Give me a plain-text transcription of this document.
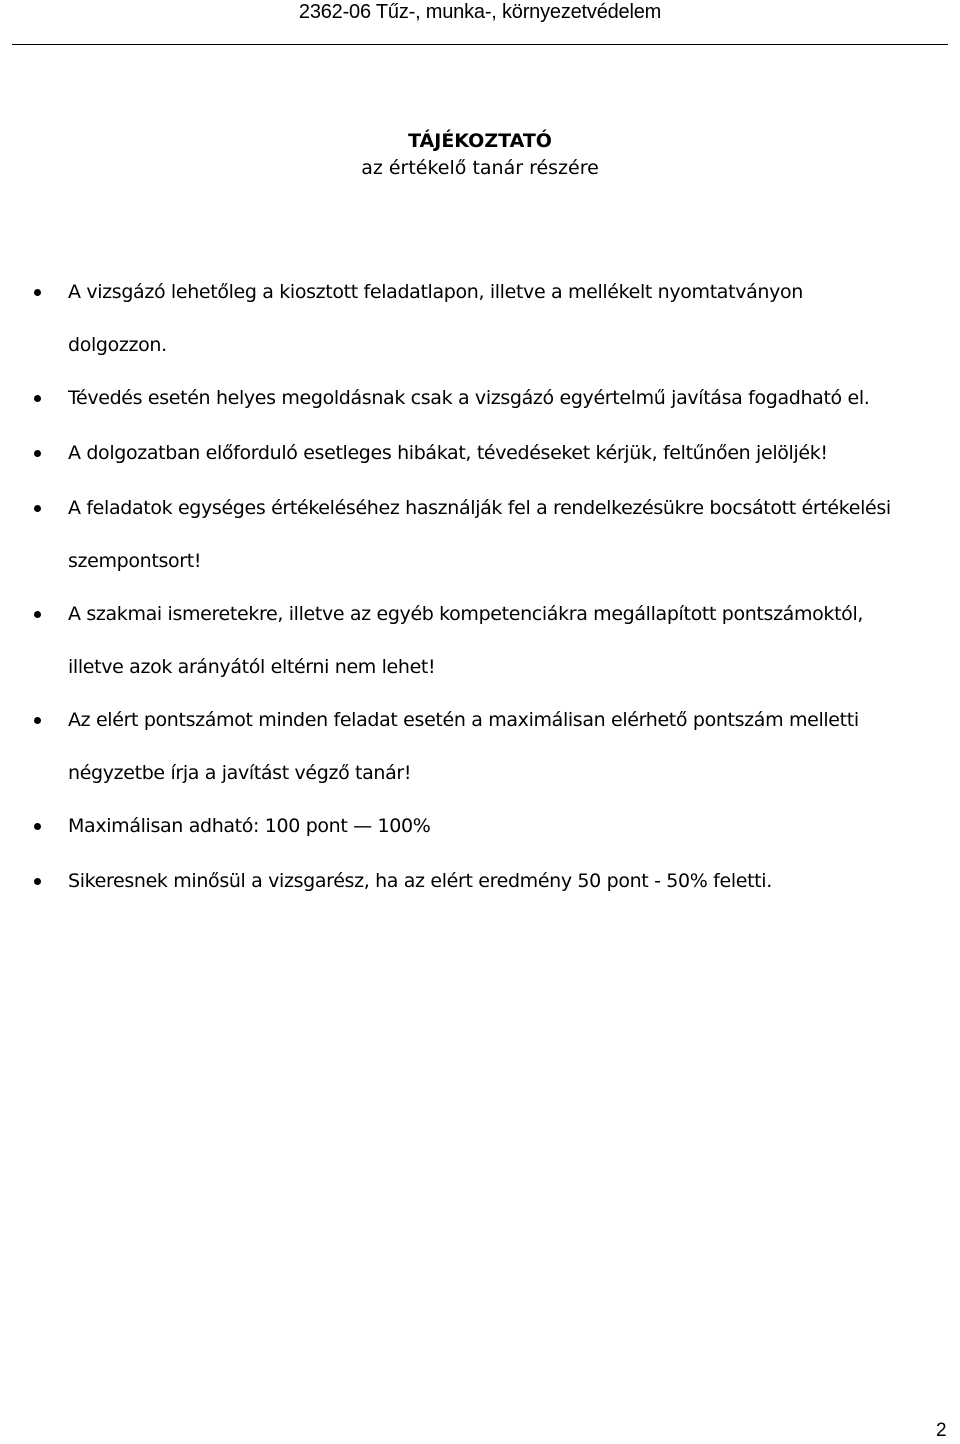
2362-06 Tűz-, munka-, környezetvédelem
TÁJÉKOZTATÓ
az értékelő tanár részére
A vizsgázó lehetőleg a kiosztott feladatlapon, illetve a mellékelt nyomtatványon
dolgozzon.
Tévedés esetén helyes megoldásnak csak a vizsgázó egyértelmű javítása fogadható el.
A dolgozatban előforduló esetleges hibákat, tévedéseket kérjük, feltűnően jelöljék!
A feladatok egységes értékeléséhez használják fel a rendelkezésükre bocsátott értékelési
szempontsort!
A szakmai ismeretekre, illetve az egyéb kompetenciákra megállapított pontszámoktól,
illetve azok arányától eltérni nem lehet!
Az elért pontszámot minden feladat esetén a maximálisan elérhető pontszám melletti
négyzetbe írja a javítást végző tanár!
Maximálisan adható: 100 pont — 100%
Sikeresnek minősül a vizsgarész, ha az elért eredmény 50 pont - 50% feletti.
2
